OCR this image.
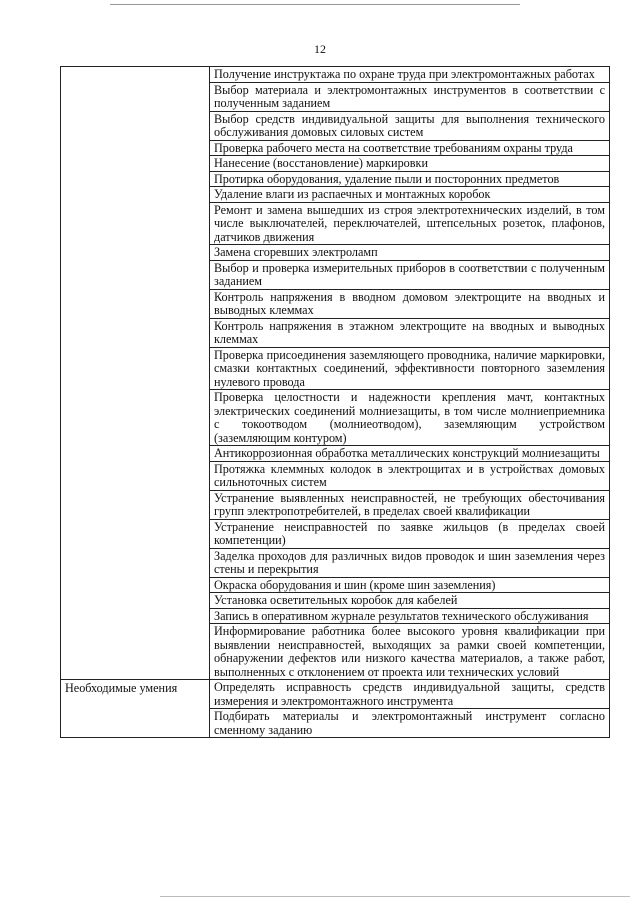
12
	Получение инструктажа по охране труда при электромонтажных работах
	Выбор материала и электромонтажных инструментов в соответствии с полученным заданием
	Выбор средств индивидуальной защиты для выполнения технического обслуживания домовых силовых систем
	Проверка рабочего места на соответствие требованиям охраны труда
	Нанесение (восстановление) маркировки
	Протирка оборудования, удаление пыли и посторонних предметов
	Удаление влаги из распаечных и монтажных коробок
	Ремонт и замена вышедших из строя электротехнических изделий, в том числе выключателей, переключателей, штепсельных розеток, плафонов, датчиков движения
	Замена сгоревших электроламп
	Выбор и проверка измерительных приборов в соответствии с полученным заданием
	Контроль напряжения в вводном домовом электрощите на вводных и выводных клеммах
	Контроль напряжения в этажном электрощите на вводных и выводных клеммах
	Проверка присоединения заземляющего проводника, наличие маркировки, смазки контактных соединений, эффективности повторного заземления нулевого провода
	Проверка целостности и надежности крепления мачт, контактных электрических соединений молниезащиты, в том числе молниеприемника с токоотводом (молниеотводом), заземляющим устройством (заземляющим контуром)
	Антикоррозионная обработка металлических конструкций молниезащиты
	Протяжка клеммных колодок в электрощитах и в устройствах домовых сильноточных систем
	Устранение выявленных неисправностей, не требующих обесточивания групп электропотребителей, в пределах своей квалификации
	Устранение неисправностей по заявке жильцов (в пределах своей компетенции)
	Заделка проходов для различных видов проводок и шин заземления через стены и перекрытия
	Окраска оборудования и шин (кроме шин заземления)
	Установка осветительных коробок для кабелей
	Запись в оперативном журнале результатов технического обслуживания
	Информирование работника более высокого уровня квалификации при выявлении неисправностей, выходящих за рамки своей компетенции, обнаружении дефектов или низкого качества материалов, а также работ, выполненных с отклонением от проекта или технических условий

Необходимые умения	Определять исправность средств индивидуальной защиты, средств измерения и электромонтажного инструмента
	Подбирать материалы и электромонтажный инструмент согласно сменному заданию
